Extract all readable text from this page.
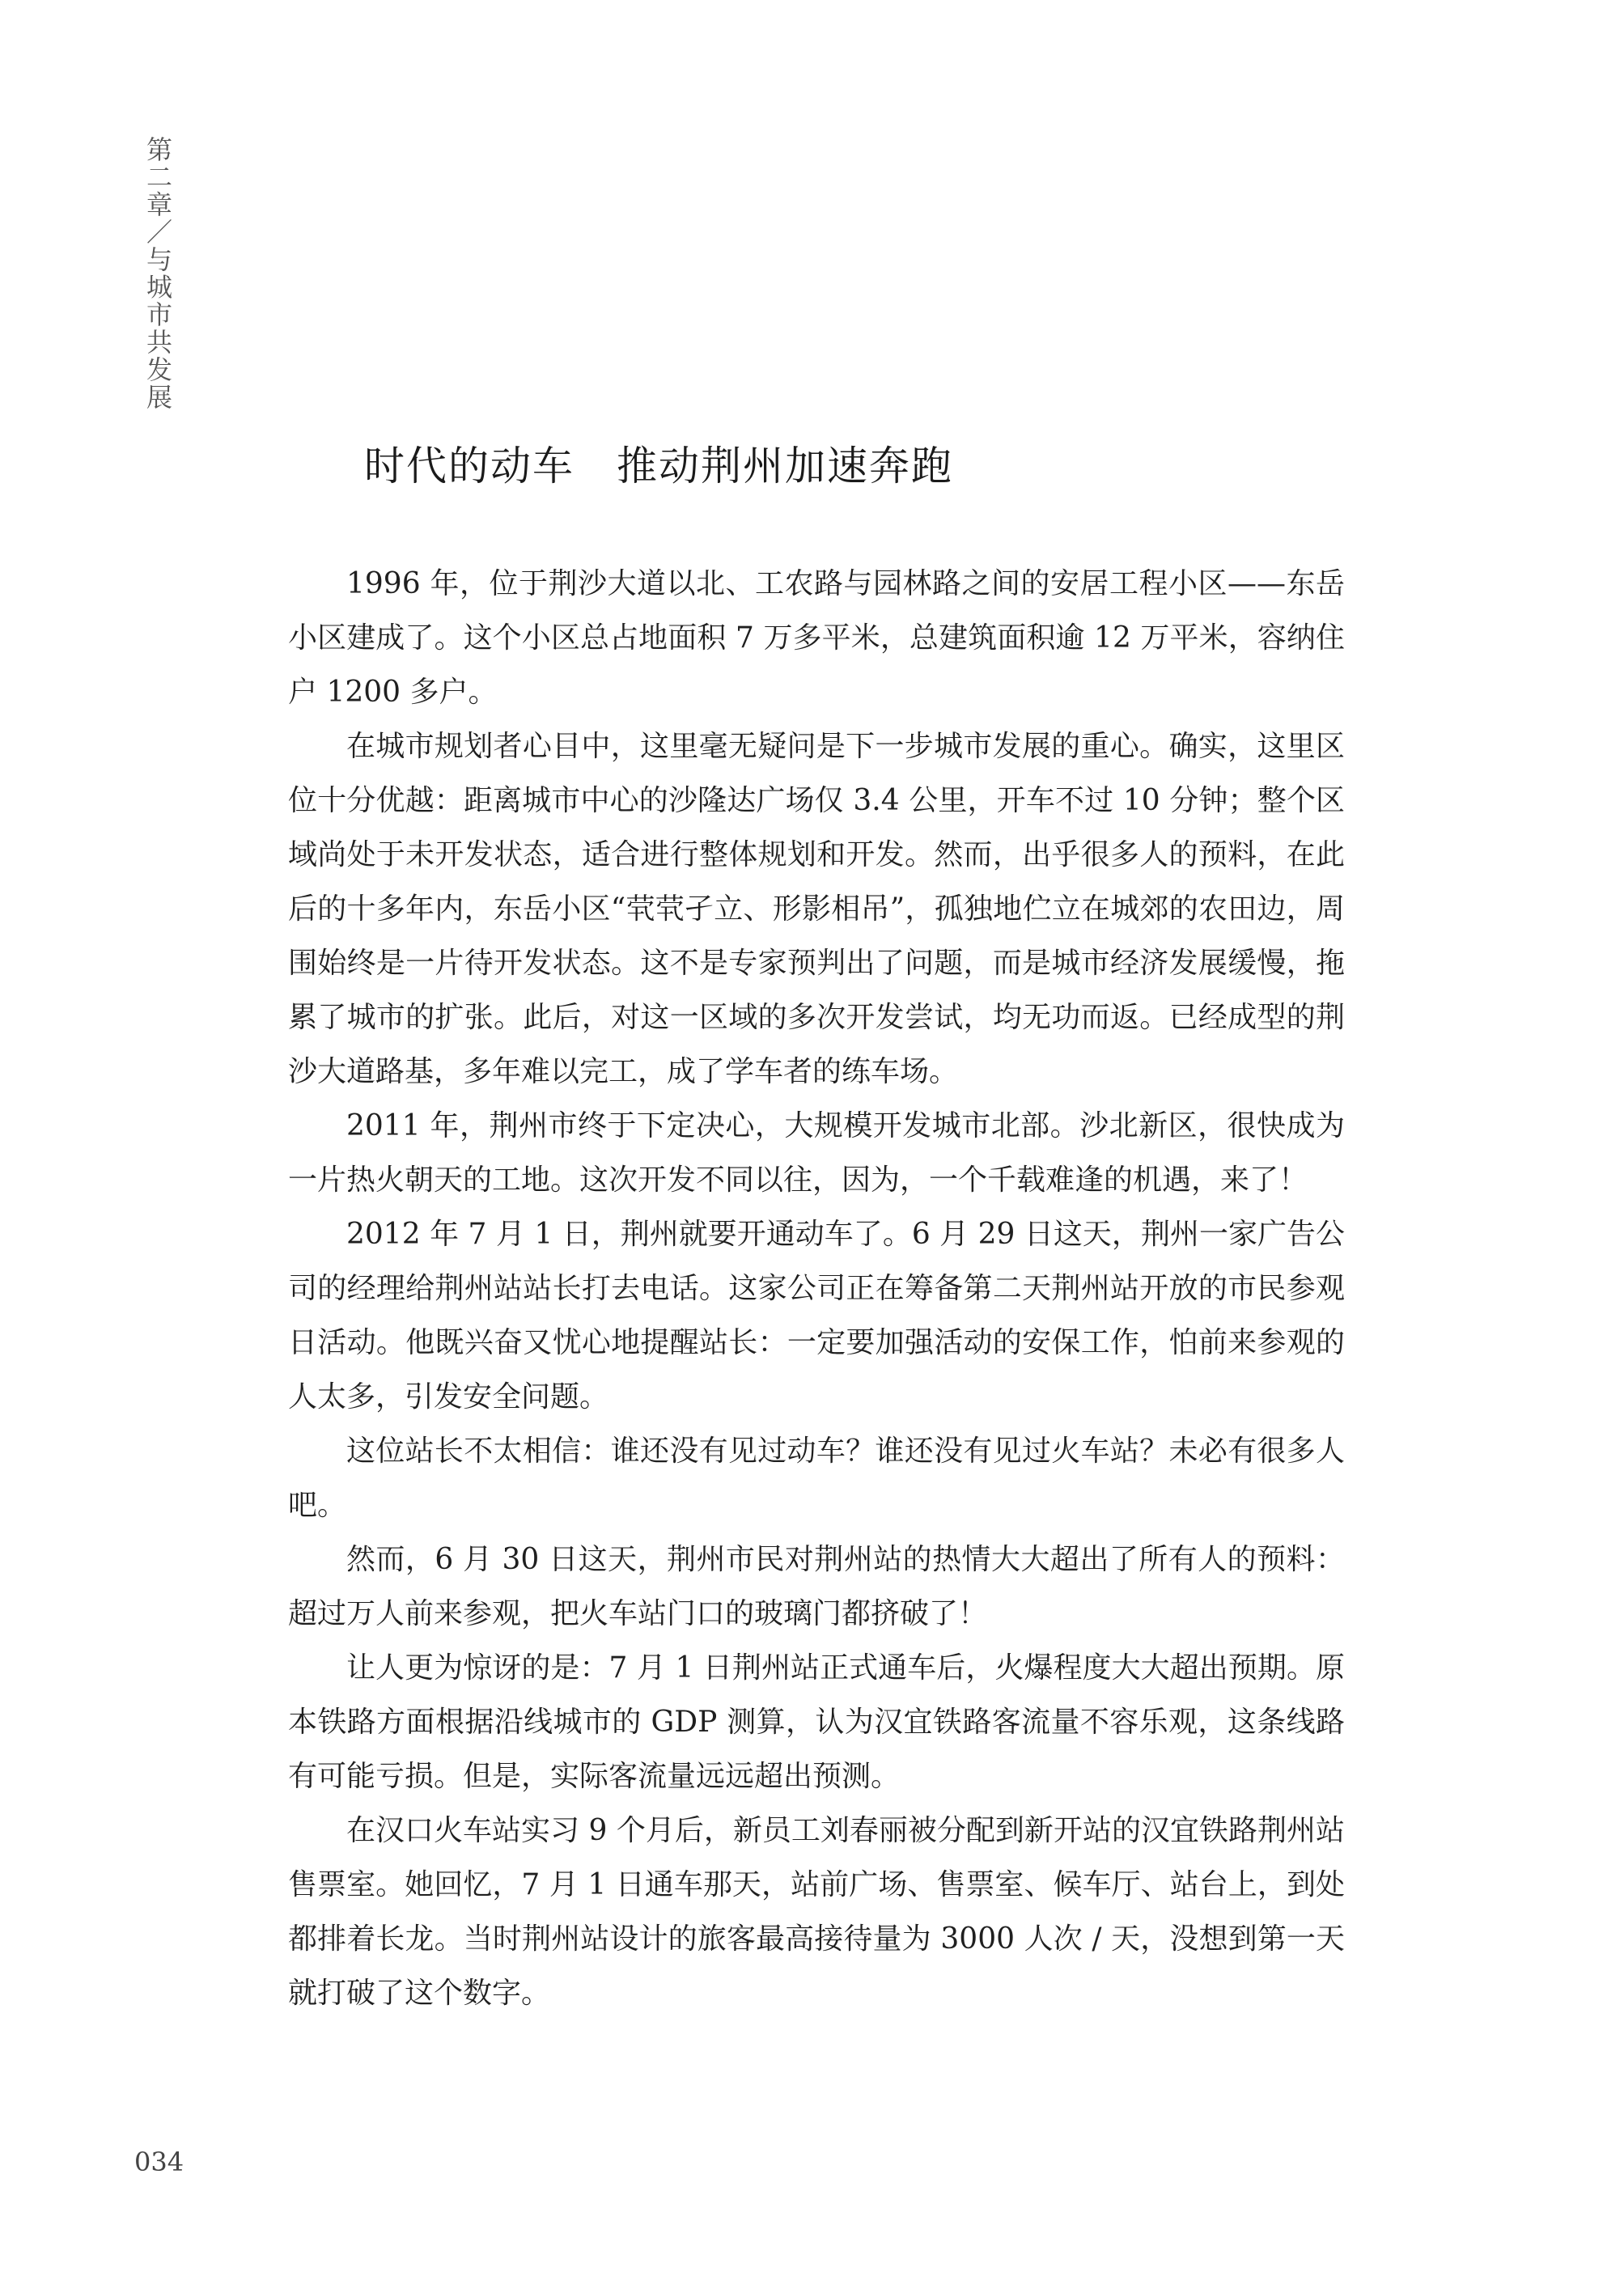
第二章／与城市共发展
时代的动车　推动荆州加速奔跑

1996 年，位于荆沙大道以北、工农路与园林路之间的安居工程小区——东岳小区建成了。这个小区总占地面积 7 万多平米，总建筑面积逾 12 万平米，容纳住户 1200 多户。

在城市规划者心目中，这里毫无疑问是下一步城市发展的重心。确实，这里区位十分优越：距离城市中心的沙隆达广场仅 3.4 公里，开车不过 10 分钟；整个区域尚处于未开发状态，适合进行整体规划和开发。然而，出乎很多人的预料，在此后的十多年内，东岳小区“茕茕孑立、形影相吊”，孤独地伫立在城郊的农田边，周围始终是一片待开发状态。这不是专家预判出了问题，而是城市经济发展缓慢，拖累了城市的扩张。此后，对这一区域的多次开发尝试，均无功而返。已经成型的荆沙大道路基，多年难以完工，成了学车者的练车场。

2011 年，荆州市终于下定决心，大规模开发城市北部。沙北新区，很快成为一片热火朝天的工地。这次开发不同以往，因为，一个千载难逢的机遇，来了！

2012 年 7 月 1 日，荆州就要开通动车了。6 月 29 日这天，荆州一家广告公司的经理给荆州站站长打去电话。这家公司正在筹备第二天荆州站开放的市民参观日活动。他既兴奋又忧心地提醒站长：一定要加强活动的安保工作，怕前来参观的人太多，引发安全问题。

这位站长不太相信：谁还没有见过动车？谁还没有见过火车站？未必有很多人吧。

然而，6 月 30 日这天，荆州市民对荆州站的热情大大超出了所有人的预料：超过万人前来参观，把火车站门口的玻璃门都挤破了！

让人更为惊讶的是：7 月 1 日荆州站正式通车后，火爆程度大大超出预期。原本铁路方面根据沿线城市的 GDP 测算，认为汉宜铁路客流量不容乐观，这条线路有可能亏损。但是，实际客流量远远超出预测。

在汉口火车站实习 9 个月后，新员工刘春丽被分配到新开站的汉宜铁路荆州站售票室。她回忆，7 月 1 日通车那天，站前广场、售票室、候车厅、站台上，到处都排着长龙。当时荆州站设计的旅客最高接待量为 3000 人次 / 天，没想到第一天就打破了这个数字。

034
